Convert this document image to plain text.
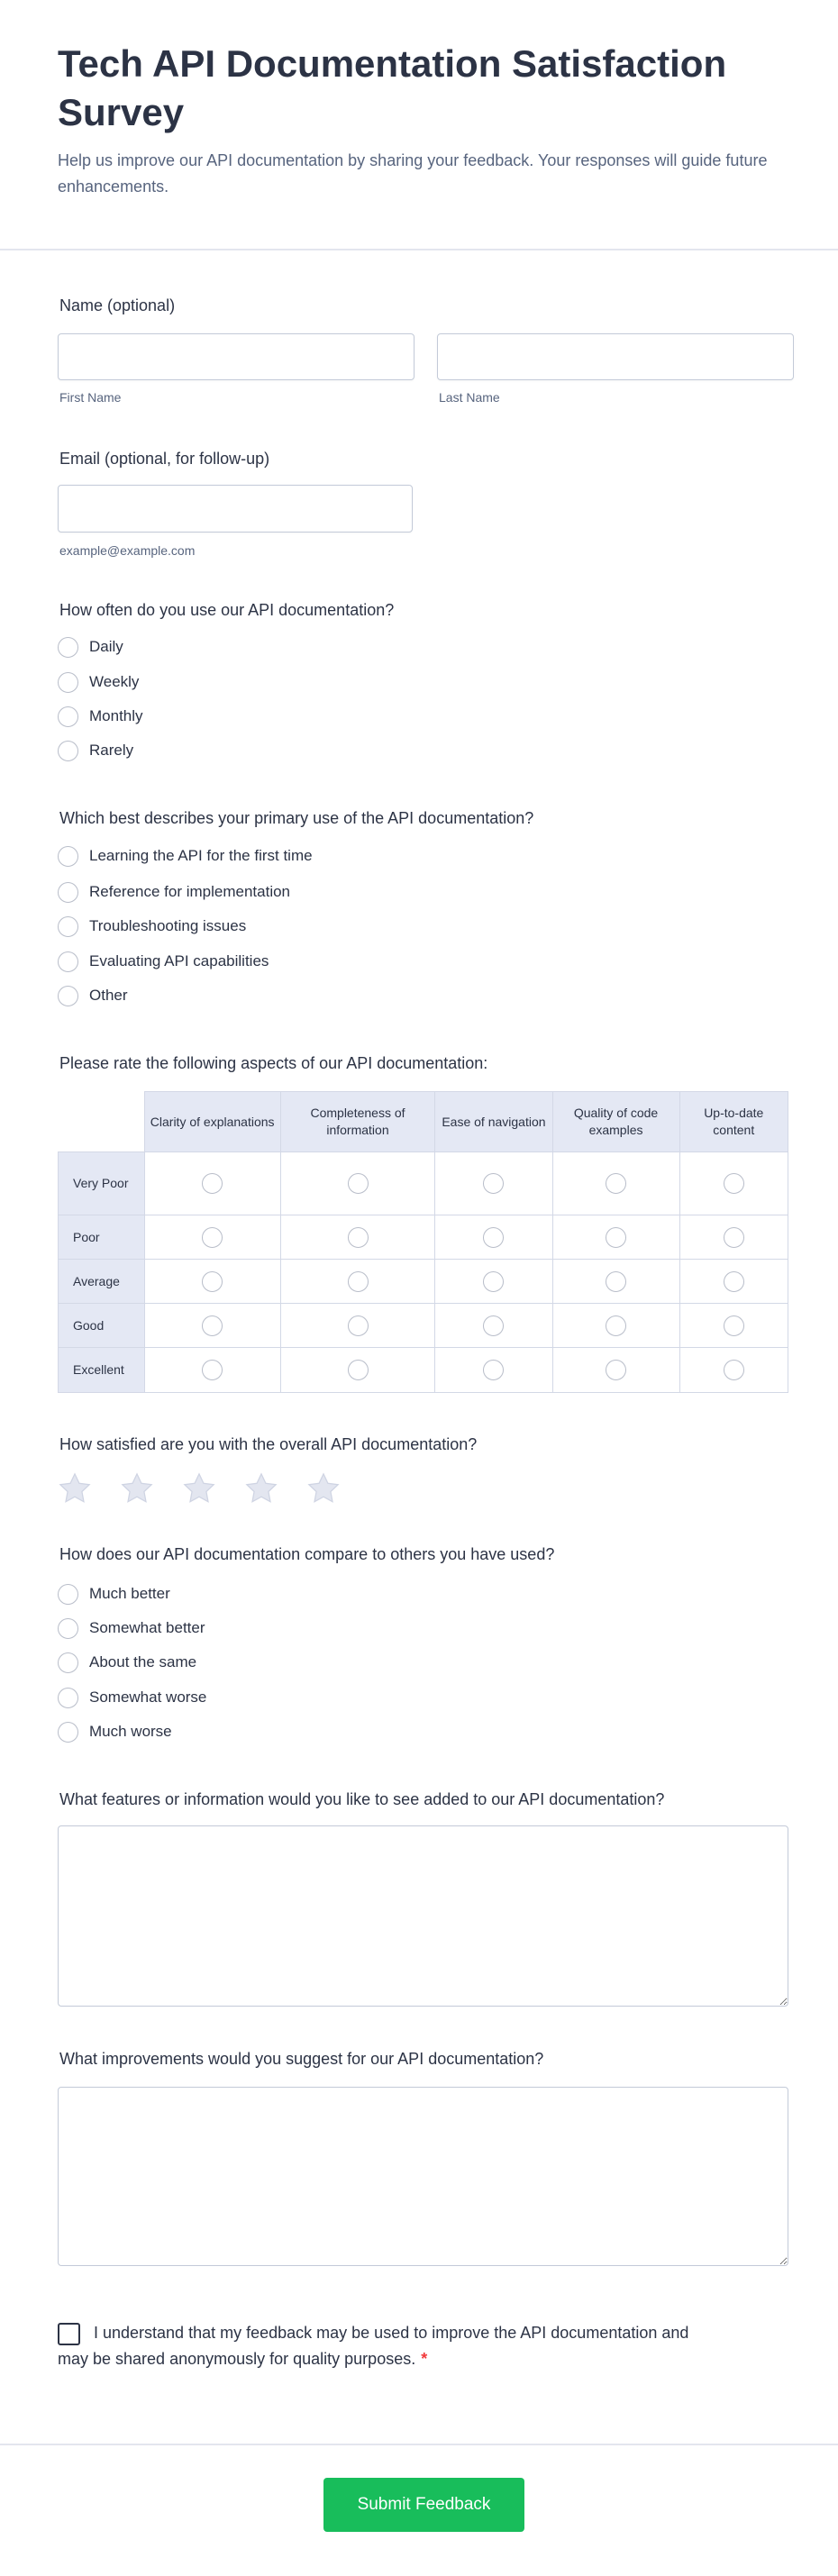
Tech API Documentation Satisfaction Survey
Help us improve our API documentation by sharing your feedback. Your responses will guide future enhancements.
Name (optional)
First Name	Last Name
Email (optional, for follow-up)
example@example.com
How often do you use our API documentation?
Daily
Weekly
Monthly
Rarely
Which best describes your primary use of the API documentation?
Learning the API for the first time
Reference for implementation
Troubleshooting issues
Evaluating API capabilities
Other
Please rate the following aspects of our API documentation:
	Clarity of explanations	Completeness of information	Ease of navigation	Quality of code examples	Up-to-date content
Very Poor					
Poor					
Average					
Good					
Excellent					
How satisfied are you with the overall API documentation?
How does our API documentation compare to others you have used?
Much better
Somewhat better
About the same
Somewhat worse
Much worse
What features or information would you like to see added to our API documentation?
What improvements would you suggest for our API documentation?
I understand that my feedback may be used to improve the API documentation and may be shared anonymously for quality purposes. *
Submit Feedback
